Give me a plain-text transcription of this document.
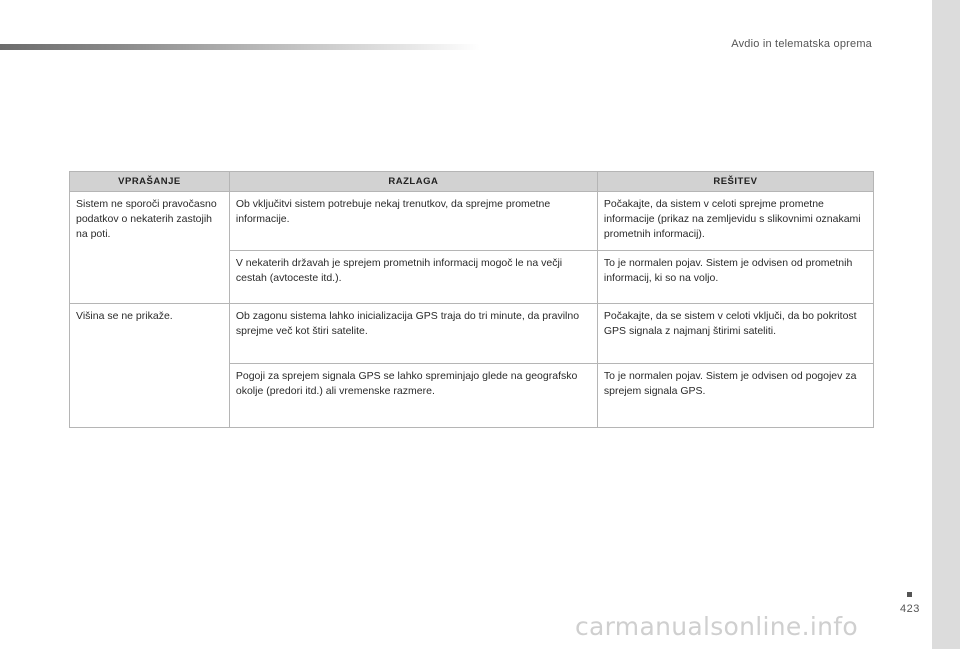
Avdio in telematska oprema
VPRAŠANJE	RAZLAGA	REŠITEV
Sistem ne sporoči pravočasno podatkov o nekaterih zastojih na poti.	Ob vključitvi sistem potrebuje nekaj trenutkov, da sprejme prometne informacije.	Počakajte, da sistem v celoti sprejme prometne informacije (prikaz na zemljevidu s slikovnimi oznakami prometnih informacij).
	V nekaterih državah je sprejem prometnih informacij mogoč le na večji cestah (avtoceste itd.).	To je normalen pojav. Sistem je odvisen od prometnih informacij, ki so na voljo.
Višina se ne prikaže.	Ob zagonu sistema lahko inicializacija GPS traja do tri minute, da pravilno sprejme več kot štiri satelite.	Počakajte, da se sistem v celoti vključi, da bo pokritost GPS signala z najmanj štirimi sateliti.
	Pogoji za sprejem signala GPS se lahko spreminjajo glede na geografsko okolje (predori itd.) ali vremenske razmere.	To je normalen pojav. Sistem je odvisen od pogojev za sprejem signala GPS.
423
carmanualsonline.info
